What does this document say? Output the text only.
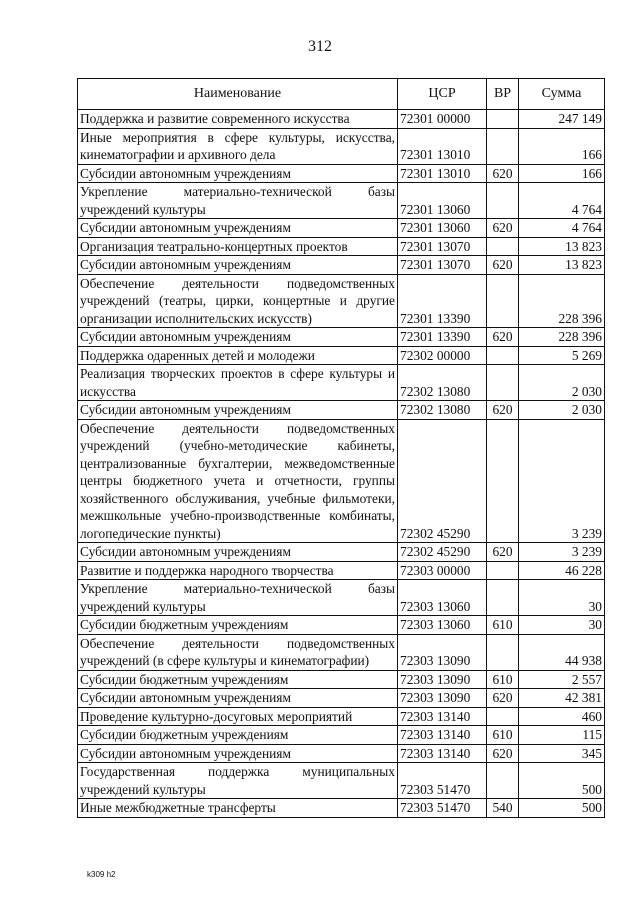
312
Наименование	ЦСР	ВР	Сумма
Поддержка и развитие современного искусства	72301 00000		247 149
Иные мероприятия в сфере культуры, искусства, кинематографии и архивного дела	72301 13010		166
Субсидии автономным учреждениям	72301 13010	620	166
Укрепление материально-технической базы учреждений культуры	72301 13060		4 764
Субсидии автономным учреждениям	72301 13060	620	4 764
Организация театрально-концертных проектов	72301 13070		13 823
Субсидии автономным учреждениям	72301 13070	620	13 823
Обеспечение деятельности подведомственных учреждений (театры, цирки, концертные и другие организации исполнительских искусств)	72301 13390		228 396
Субсидии автономным учреждениям	72301 13390	620	228 396
Поддержка одаренных детей и молодежи	72302 00000		5 269
Реализация творческих проектов в сфере культуры и искусства	72302 13080		2 030
Субсидии автономным учреждениям	72302 13080	620	2 030
Обеспечение деятельности подведомственных учреждений (учебно-методические кабинеты, централизованные бухгалтерии, межведомственные центры бюджетного учета и отчетности, группы хозяйственного обслуживания, учебные фильмотеки, межшкольные учебно-производственные комбинаты, логопедические пункты)	72302 45290		3 239
Субсидии автономным учреждениям	72302 45290	620	3 239
Развитие и поддержка народного творчества	72303 00000		46 228
Укрепление материально-технической базы учреждений культуры	72303 13060		30
Субсидии бюджетным учреждениям	72303 13060	610	30
Обеспечение деятельности подведомственных учреждений (в сфере культуры и кинематографии)	72303 13090		44 938
Субсидии бюджетным учреждениям	72303 13090	610	2 557
Субсидии автономным учреждениям	72303 13090	620	42 381
Проведение культурно-досуговых мероприятий	72303 13140		460
Субсидии бюджетным учреждениям	72303 13140	610	115
Субсидии автономным учреждениям	72303 13140	620	345
Государственная поддержка муниципальных учреждений культуры	72303 51470		500
Иные межбюджетные трансферты	72303 51470	540	500
k309 h2
